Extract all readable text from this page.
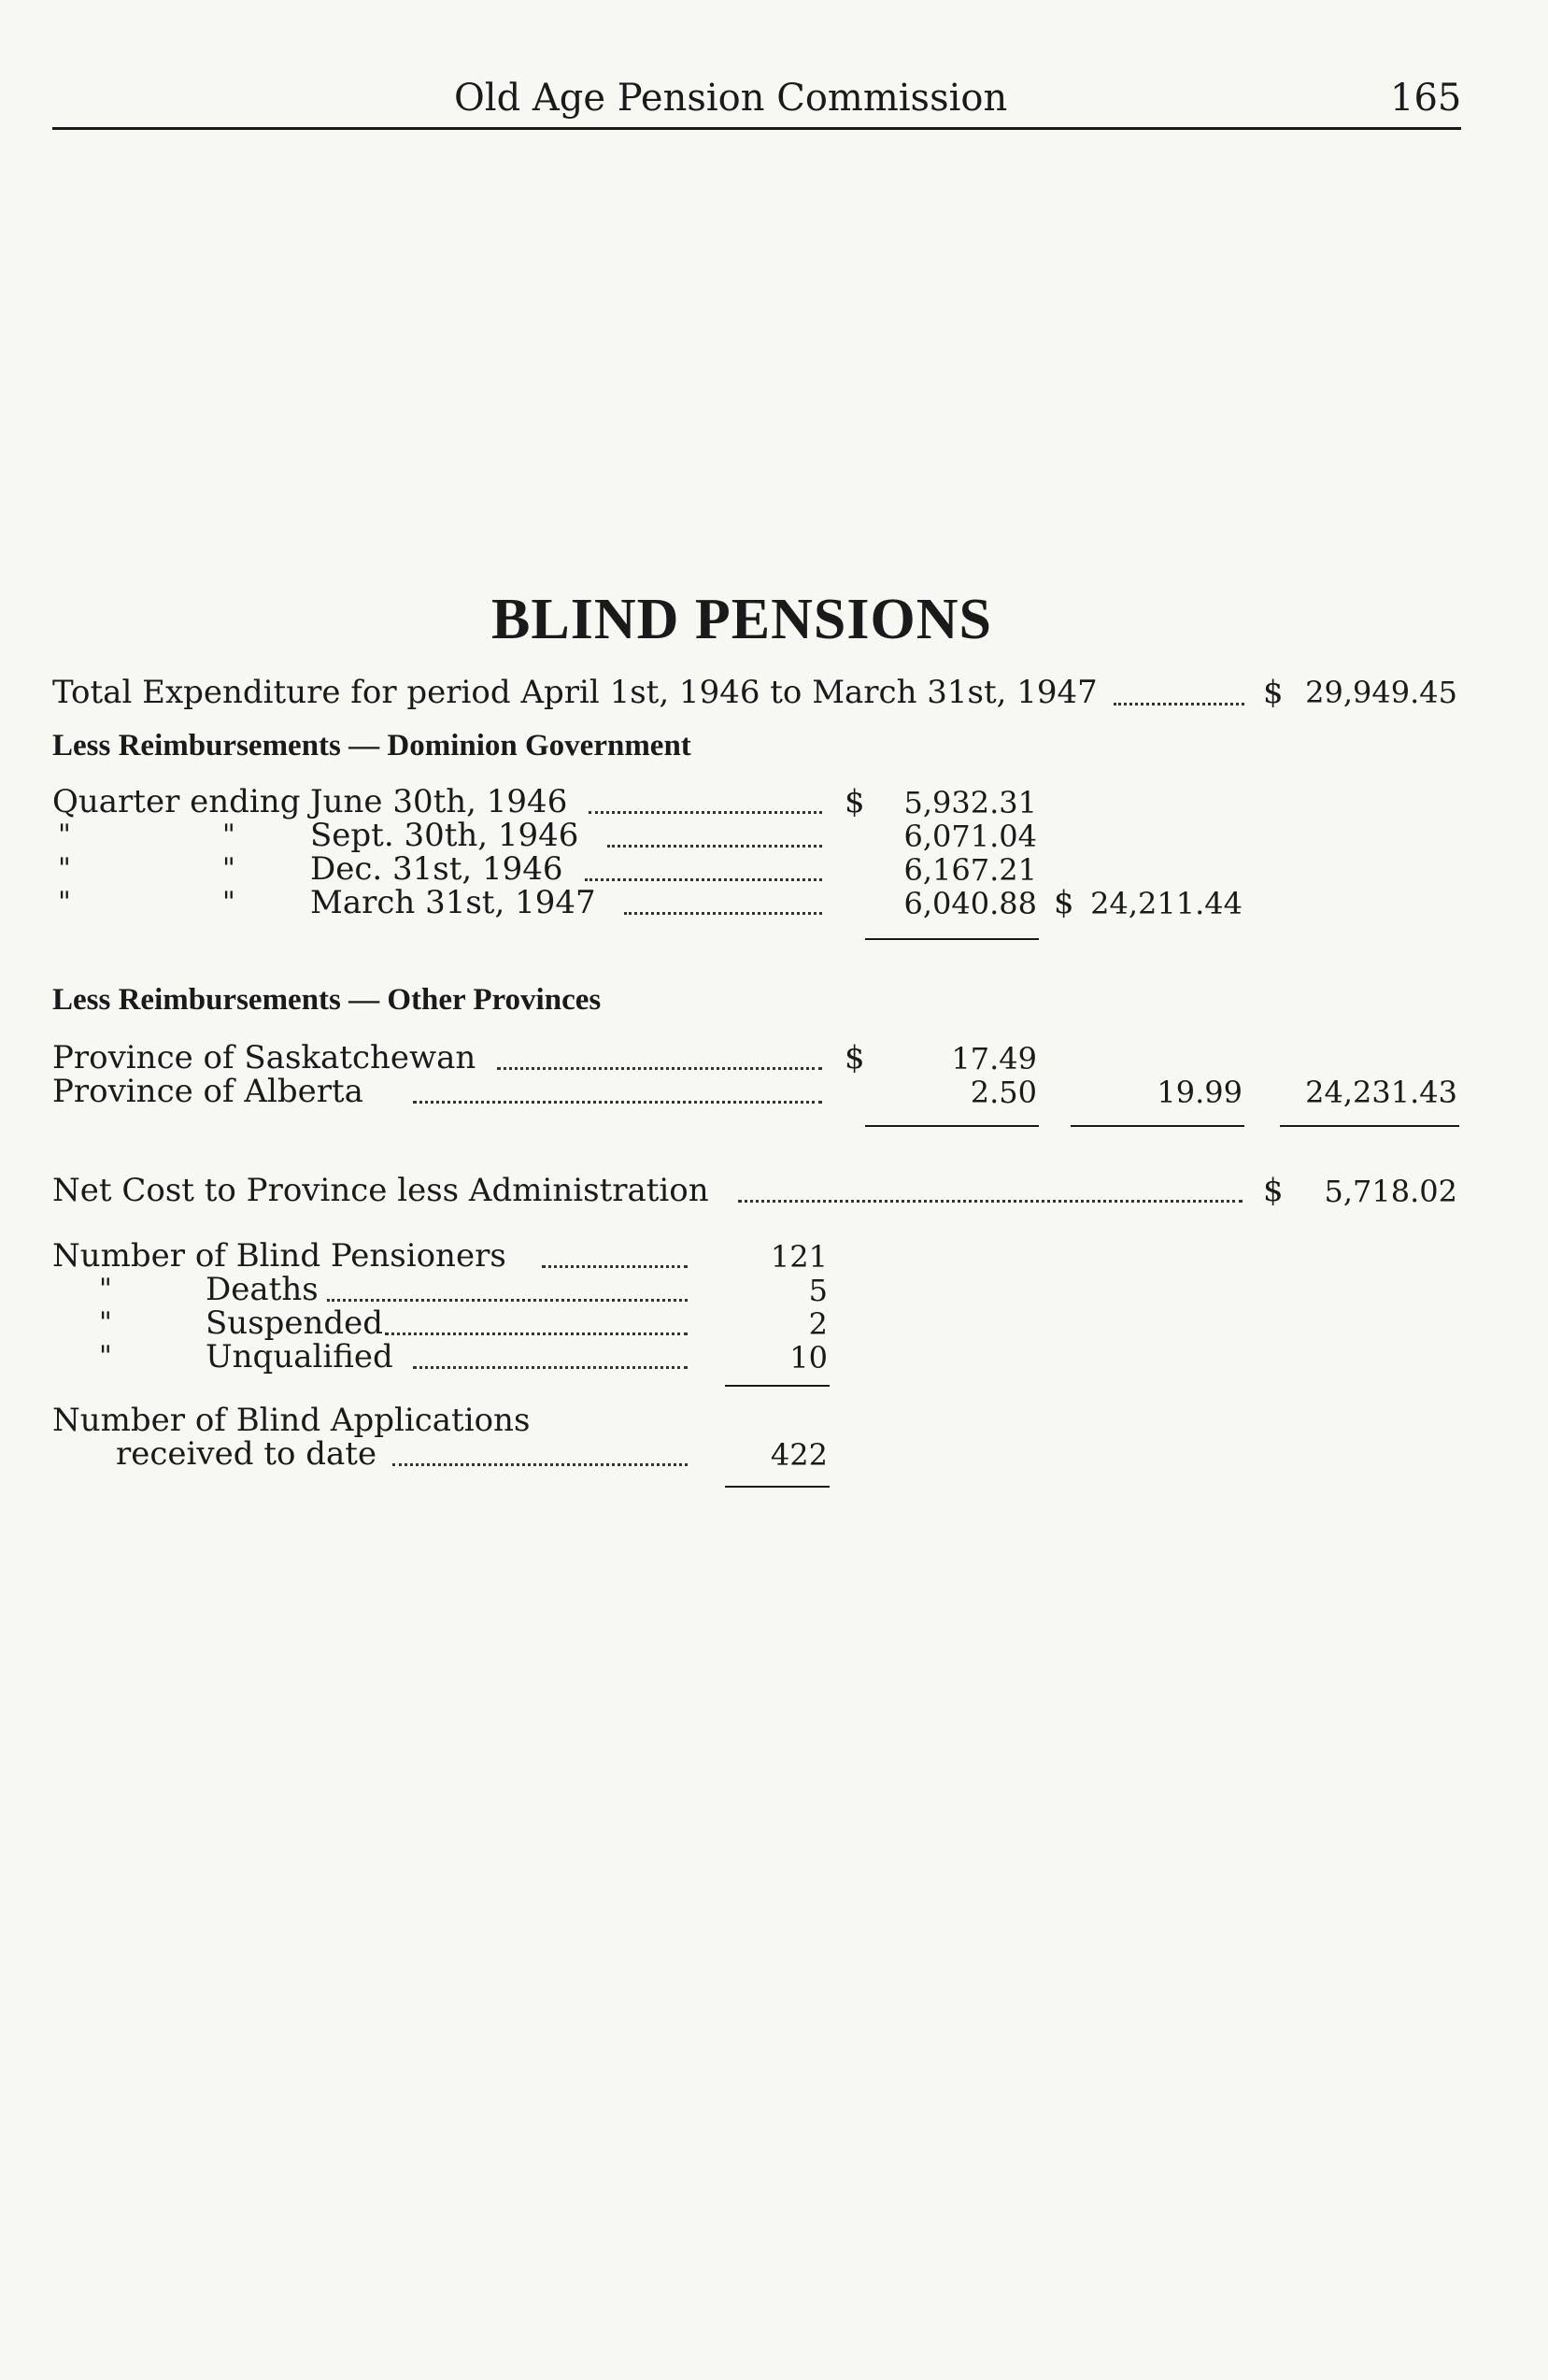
Old Age Pension Commission	165
BLIND PENSIONS
Total Expenditure for period April 1st, 1946 to March 31st, 1947	$ 29,949.45
Less Reimbursements — Dominion Government
Quarter ending June 30th, 1946	$	5,932.31
"	" Sept. 30th, 1946	6,071.04
"	" Dec. 31st, 1946	6,167.21
"	" March 31st, 1947	6,040.88 $ 24,211.44
Less Reimbursements — Other Provinces
Province of Saskatchewan	$	17.49
Province of Alberta	2.50	19.99	24,231.43
Net Cost to Province less Administration	$	5,718.02
Number of Blind Pensioners	121
"	Deaths	5
"	Suspended	2
"	Unqualified	10
Number of Blind Applications
received to date	422
